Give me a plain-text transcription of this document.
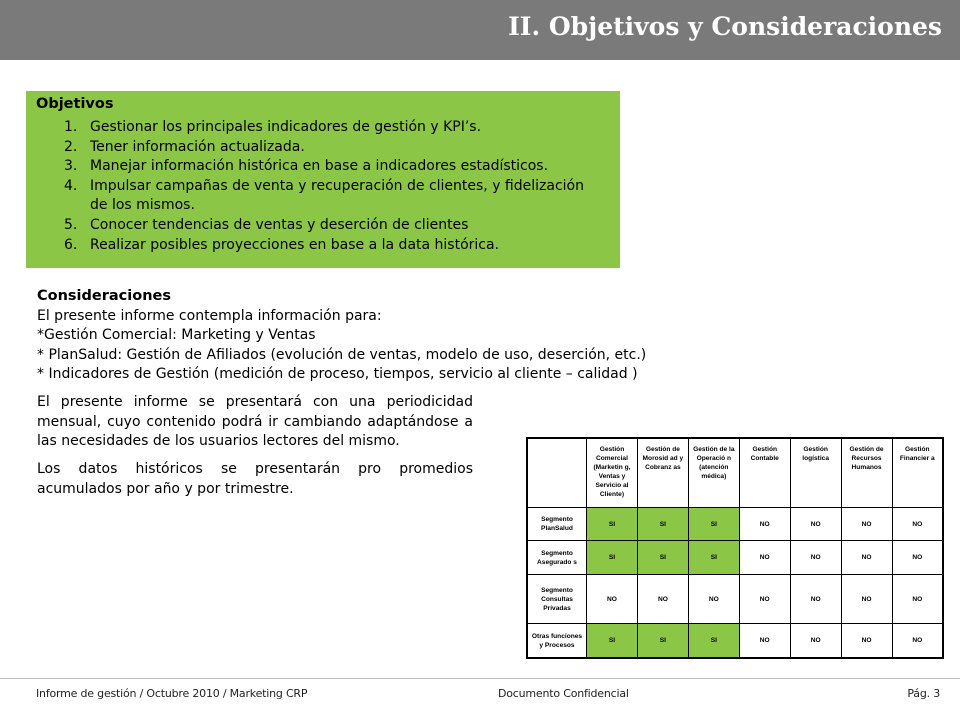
II. Objetivos y Consideraciones
Objetivos
1. Gestionar los principales indicadores de gestión y KPI’s.
2. Tener información actualizada.
3. Manejar información histórica en base a indicadores estadísticos.
4. Impulsar campañas de venta y recuperación de clientes, y fidelización de los mismos.
5. Conocer tendencias de ventas y deserción de clientes
6. Realizar posibles proyecciones en base a la data histórica.
Consideraciones
El presente informe contempla información para:
*Gestión Comercial: Marketing y Ventas
* PlanSalud: Gestión de Afiliados (evolución de ventas, modelo de uso, deserción, etc.)
* Indicadores de Gestión (medición de proceso, tiempos, servicio al cliente – calidad )
El presente informe se presentará con una periodicidad mensual, cuyo contenido podrá ir cambiando adaptándose a las necesidades de los usuarios lectores del mismo.
Los datos históricos se presentarán pro promedios acumulados por año y por trimestre.
	Gestión Comercial (Marketin g, Ventas y Servicio al Cliente)	Gestión de Morosid ad y Cobranz as	Gestión de la Operació n (atención médica)	Gestión Contable	Gestión logística	Gestión de Recursos Humanos	Gestión Financier a
Segmento PlanSalud	SI	SI	SI	NO	NO	NO	NO
Segmento Asegurado s	SI	SI	SI	NO	NO	NO	NO
Segmento Consultas Privadas	NO	NO	NO	NO	NO	NO	NO
Otras funciones y Procesos	SI	SI	SI	NO	NO	NO	NO
Informe de gestión / Octubre 2010 / Marketing CRP	Documento Confidencial	Pág. 3
